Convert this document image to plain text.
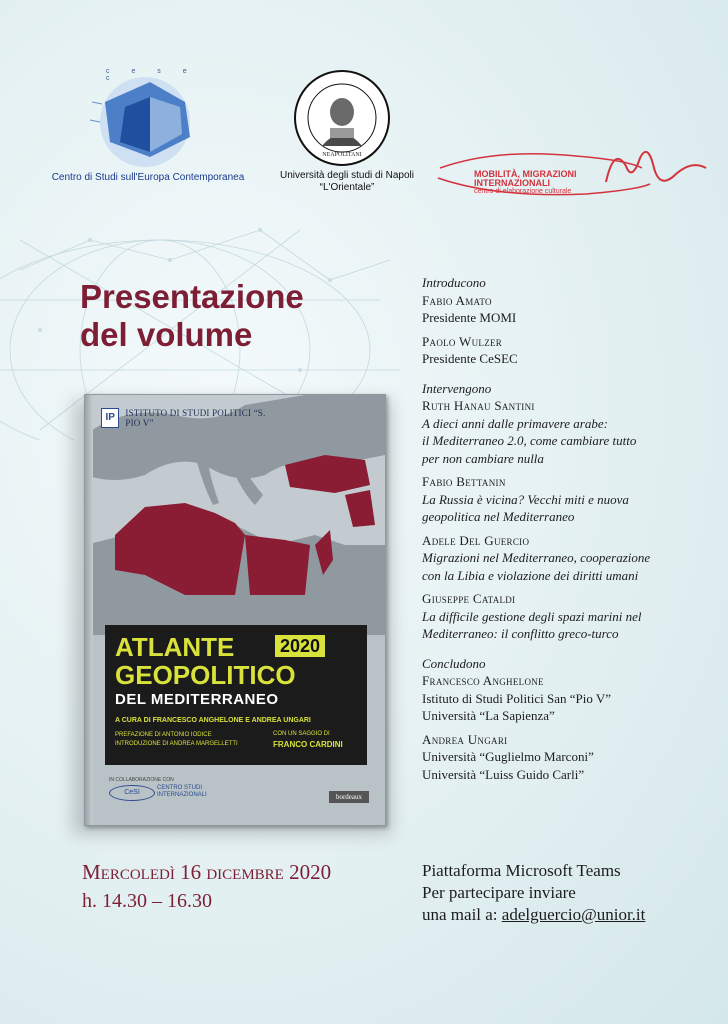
c e s e c
Centro di Studi sull'Europa Contemporanea
NEAPOLITANI
Università degli studi di Napoli
“L'Orientale”
MOBILITÀ, MIGRAZIONI INTERNAZIONALI
centro di elaborazione culturale
Presentazione
del volume
Introducono
Fabio Amato
Presidente MOMI
Paolo Wulzer
Presidente CeSEC
Intervengono
Ruth Hanau Santini
A dieci anni dalle primavere arabe:
il Mediterraneo 2.0, come cambiare tutto
per non cambiare nulla
Fabio Bettanin
La Russia è vicina? Vecchi miti e nuova
geopolitica nel Mediterraneo
Adele Del Guercio
Migrazioni nel Mediterraneo, cooperazione
con la Libia e violazione dei diritti umani
Giuseppe Cataldi
La difficile gestione degli spazi marini nel
Mediterraneo: il conflitto greco-turco
Concludono
Francesco Anghelone
Istituto di Studi Politici San “Pio V”
Università “La Sapienza”
Andrea Ungari
Università “Guglielmo Marconi”
Università “Luiss Guido Carli”
IP	ISTITUTO DI STUDI POLITICI “S. PIO V”
ATLANTE	2020
GEOPOLITICO
DEL MEDITERRANEO
A CURA DI FRANCESCO ANGHELONE E ANDREA UNGARI
PREFAZIONE DI ANTONIO IODICE
INTRODUZIONE DI ANDREA MARGELLETTI
CON UN SAGGIO DI
FRANCO CARDINI
IN COLLABORAZIONE CON
CeSI
CENTRO STUDI INTERNAZIONALI	bordeaux
Mercoledì 16 dicembre 2020
h. 14.30 – 16.30
Piattaforma Microsoft Teams
Per partecipare inviare
una mail a: adelguercio@unior.it
